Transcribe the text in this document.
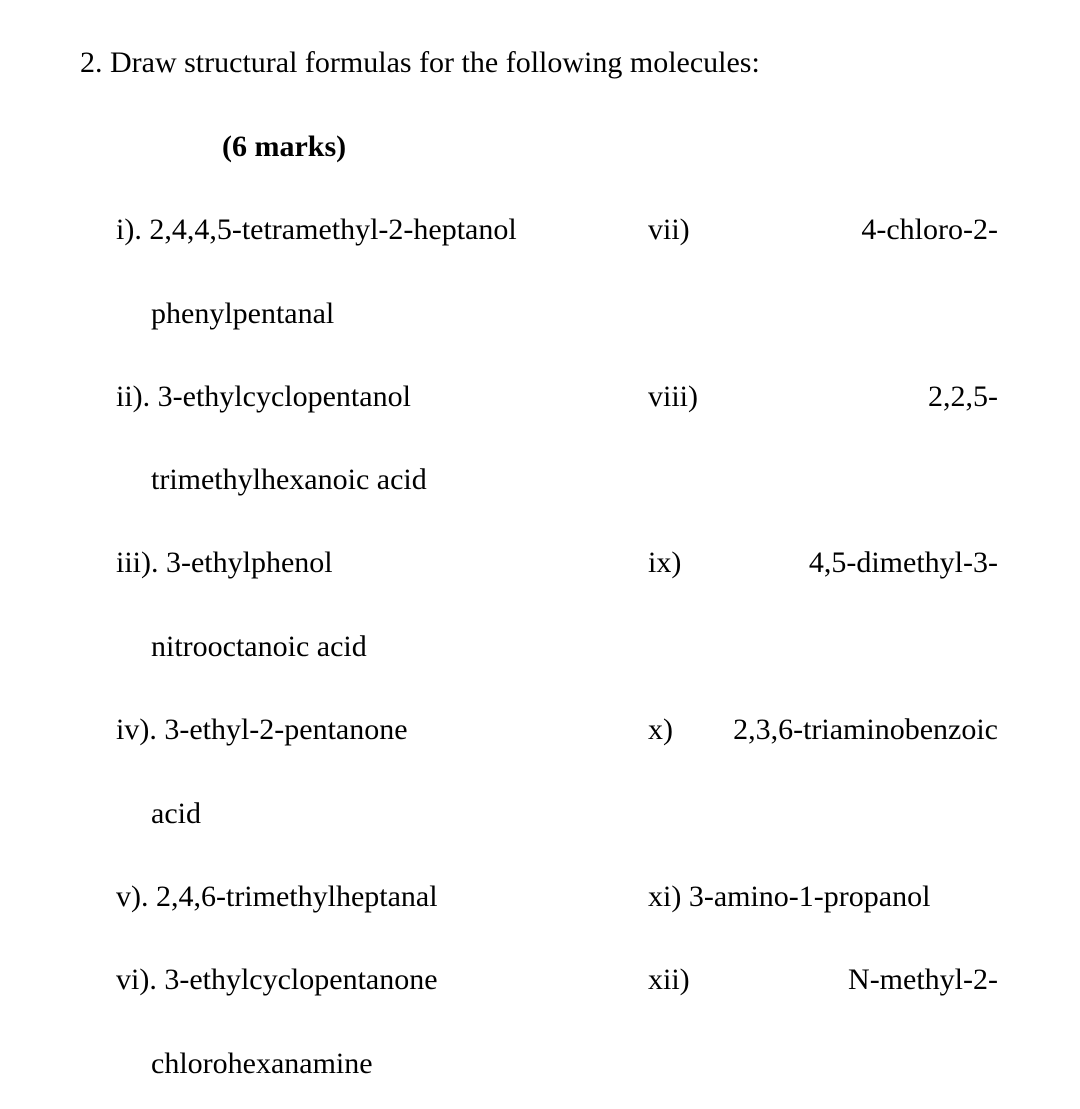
2. Draw structural formulas for the following molecules:
(6 marks)
i). 2,4,4,5-tetramethyl-2-heptanol	vii)	4-chloro-2-
phenylpentanal
ii). 3-ethylcyclopentanol	viii)	2,2,5-
trimethylhexanoic acid
iii). 3-ethylphenol	ix)	4,5-dimethyl-3-
nitrooctanoic acid
iv). 3-ethyl-2-pentanone	x) 2,3,6-triaminobenzoic
acid
v). 2,4,6-trimethylheptanal	xi) 3-amino-1-propanol
vi). 3-ethylcyclopentanone	xii)	N-methyl-2-
chlorohexanamine
